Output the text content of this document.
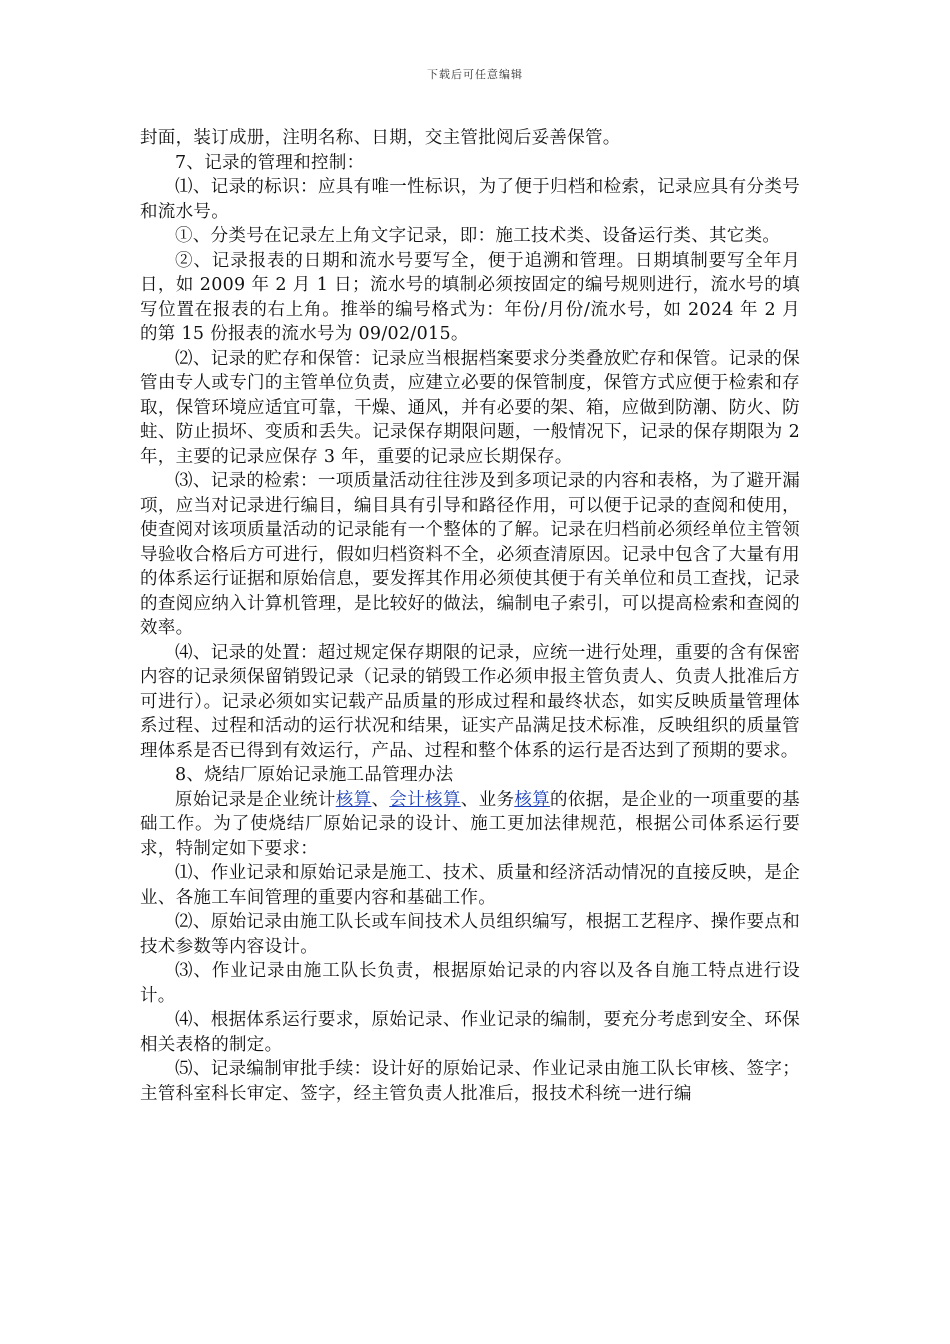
下载后可任意编辑

封面，装订成册，注明名称、日期，交主管批阅后妥善保管。

7、记录的管理和控制：

⑴、记录的标识：应具有唯一性标识，为了便于归档和检索，记录应具有分类号和流水号。

①、分类号在记录左上角文字记录，即：施工技术类、设备运行类、其它类。

②、记录报表的日期和流水号要写全，便于追溯和管理。日期填制要写全年月日，如 2009 年 2 月 1 日；流水号的填制必须按固定的编号规则进行，流水号的填写位置在报表的右上角。推举的编号格式为：年份/月份/流水号，如 2024 年 2 月的第 15 份报表的流水号为 09/02/015。

⑵、记录的贮存和保管：记录应当根据档案要求分类叠放贮存和保管。记录的保管由专人或专门的主管单位负责，应建立必要的保管制度，保管方式应便于检索和存取，保管环境应适宜可靠，干燥、通风，并有必要的架、箱，应做到防潮、防火、防蛀、防止损坏、变质和丢失。记录保存期限问题，一般情况下，记录的保存期限为 2 年，主要的记录应保存 3 年，重要的记录应长期保存。

⑶、记录的检索：一项质量活动往往涉及到多项记录的内容和表格，为了避开漏项，应当对记录进行编目，编目具有引导和路径作用，可以便于记录的查阅和使用，使查阅对该项质量活动的记录能有一个整体的了解。记录在归档前必须经单位主管领导验收合格后方可进行，假如归档资料不全，必须查清原因。记录中包含了大量有用的体系运行证据和原始信息，要发挥其作用必须使其便于有关单位和员工查找，记录的查阅应纳入计算机管理，是比较好的做法，编制电子索引，可以提高检索和查阅的效率。

⑷、记录的处置：超过规定保存期限的记录，应统一进行处理，重要的含有保密内容的记录须保留销毁记录（记录的销毁工作必须申报主管负责人、负责人批准后方可进行）。记录必须如实记载产品质量的形成过程和最终状态，如实反映质量管理体系过程、过程和活动的运行状况和结果，证实产品满足技术标准，反映组织的质量管理体系是否已得到有效运行，产品、过程和整个体系的运行是否达到了预期的要求。

8、烧结厂原始记录施工品管理办法

原始记录是企业统计核算、会计核算、业务核算的依据，是企业的一项重要的基础工作。为了使烧结厂原始记录的设计、施工更加法律规范，根据公司体系运行要求，特制定如下要求：

⑴、作业记录和原始记录是施工、技术、质量和经济活动情况的直接反映，是企业、各施工车间管理的重要内容和基础工作。

⑵、原始记录由施工队长或车间技术人员组织编写，根据工艺程序、操作要点和技术参数等内容设计。

⑶、作业记录由施工队长负责，根据原始记录的内容以及各自施工特点进行设计。

⑷、根据体系运行要求，原始记录、作业记录的编制，要充分考虑到安全、环保相关表格的制定。

⑸、记录编制审批手续：设计好的原始记录、作业记录由施工队长审核、签字；主管科室科长审定、签字，经主管负责人批准后，报技术科统一进行编
